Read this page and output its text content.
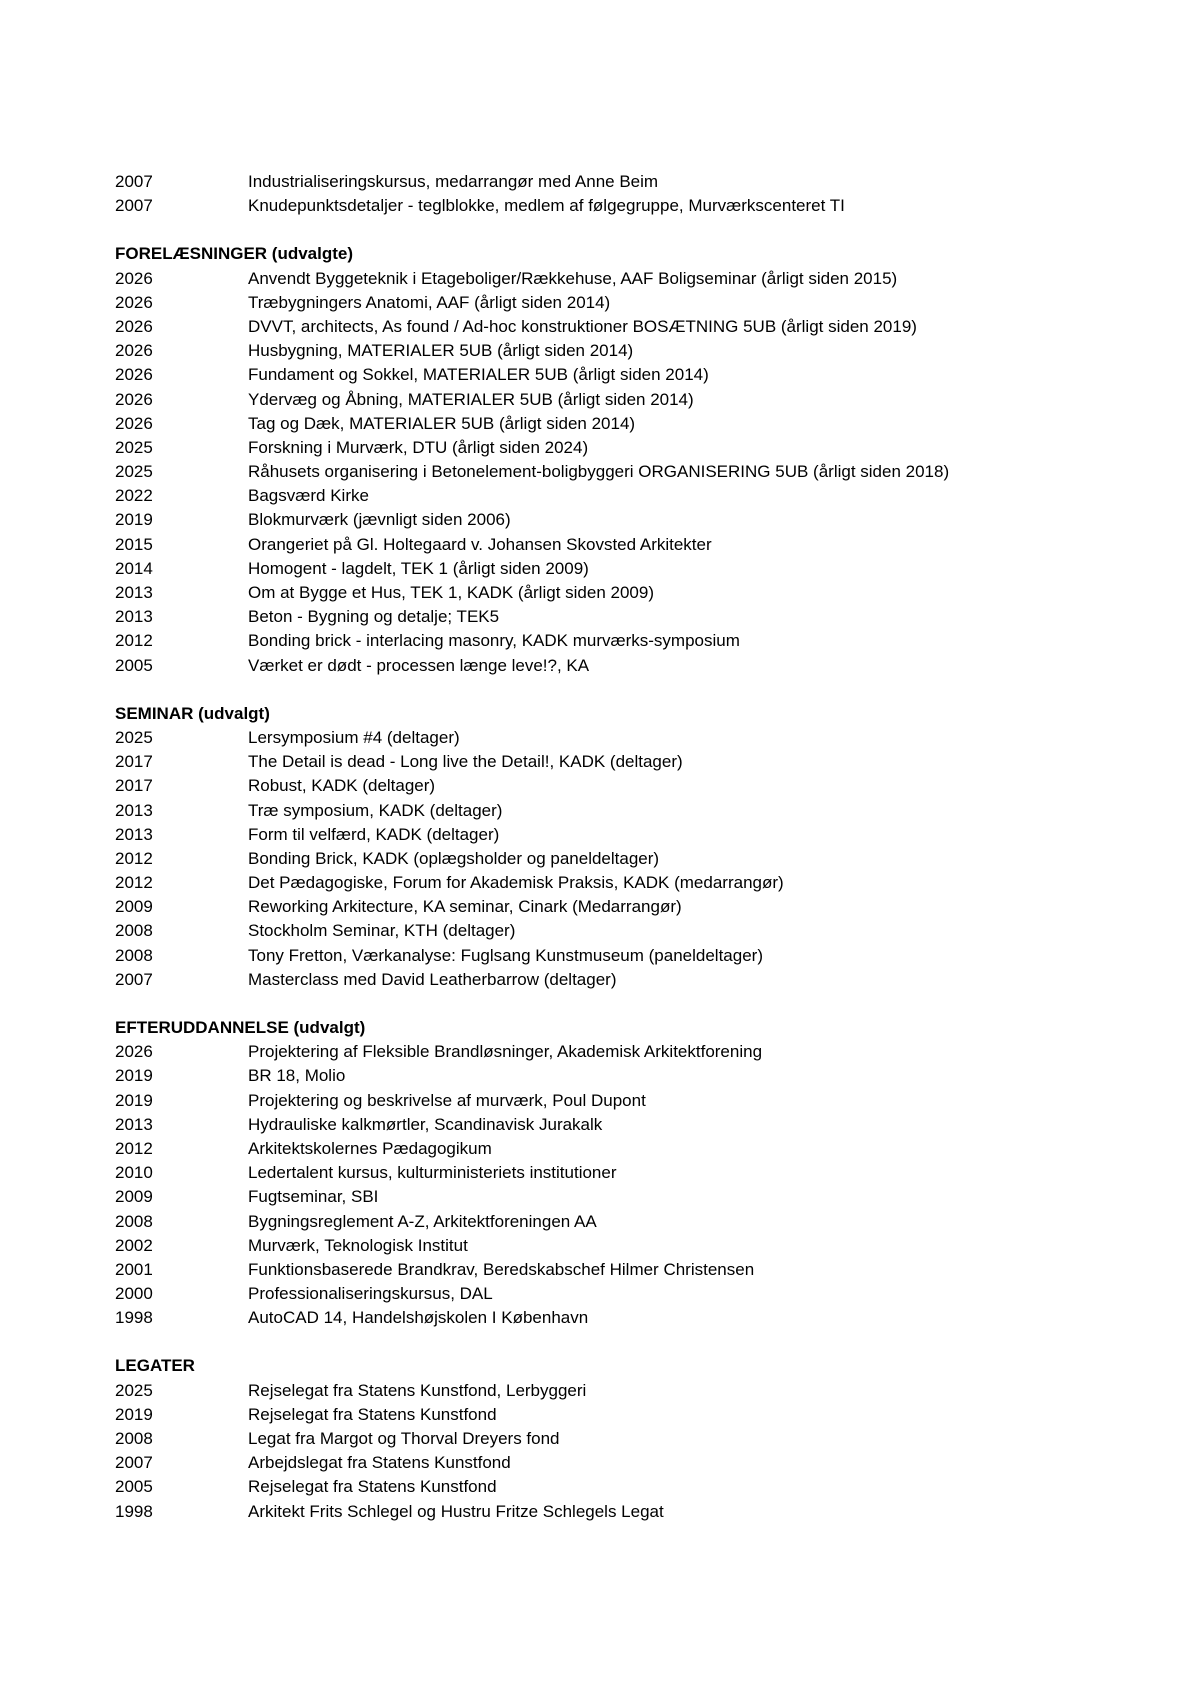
2007	Industrialiseringskursus, medarrangør med Anne Beim
2007	Knudepunktsdetaljer - teglblokke, medlem af følgegruppe, Murværkscenteret TI
FORELÆSNINGER (udvalgte)
2026	Anvendt Byggeteknik i Etageboliger/Rækkehuse, AAF Boligseminar (årligt siden 2015)
2026	Træbygningers Anatomi, AAF (årligt siden 2014)
2026	DVVT, architects, As found / Ad-hoc konstruktioner BOSÆTNING 5UB (årligt siden 2019)
2026	Husbygning, MATERIALER 5UB (årligt siden 2014)
2026	Fundament og Sokkel, MATERIALER 5UB (årligt siden 2014)
2026	Ydervæg og Åbning, MATERIALER 5UB (årligt siden 2014)
2026	Tag og Dæk, MATERIALER 5UB (årligt siden 2014)
2025	Forskning i Murværk, DTU (årligt siden 2024)
2025	Råhusets organisering i Betonelement-boligbyggeri ORGANISERING 5UB (årligt siden 2018)
2022	Bagsværd Kirke
2019	Blokmurværk (jævnligt siden 2006)
2015	Orangeriet på Gl. Holtegaard v. Johansen Skovsted Arkitekter
2014	Homogent - lagdelt, TEK 1 (årligt siden 2009)
2013	Om at Bygge et Hus, TEK 1, KADK (årligt siden 2009)
2013	Beton - Bygning og detalje; TEK5
2012	Bonding brick - interlacing masonry, KADK murværks-symposium
2005	Værket er dødt - processen længe leve!?, KA
SEMINAR (udvalgt)
2025	Lersymposium #4 (deltager)
2017	The Detail is dead - Long live the Detail!, KADK (deltager)
2017	Robust, KADK (deltager)
2013	Træ symposium, KADK (deltager)
2013	Form til velfærd, KADK (deltager)
2012	Bonding Brick, KADK (oplægsholder og paneldeltager)
2012	Det Pædagogiske, Forum for Akademisk Praksis, KADK (medarrangør)
2009	Reworking Arkitecture, KA seminar, Cinark (Medarrangør)
2008	Stockholm Seminar, KTH (deltager)
2008	Tony Fretton, Værkanalyse: Fuglsang Kunstmuseum (paneldeltager)
2007	Masterclass med David Leatherbarrow (deltager)
EFTERUDDANNELSE (udvalgt)
2026	Projektering af Fleksible Brandløsninger, Akademisk Arkitektforening
2019	BR 18, Molio
2019	Projektering og beskrivelse af murværk, Poul Dupont
2013	Hydrauliske kalkmørtler, Scandinavisk Jurakalk
2012	Arkitektskolernes Pædagogikum
2010	Ledertalent kursus, kulturministeriets institutioner
2009	Fugtseminar, SBI
2008	Bygningsreglement A-Z, Arkitektforeningen AA
2002	Murværk, Teknologisk Institut
2001	Funktionsbaserede Brandkrav, Beredskabschef Hilmer Christensen
2000	Professionaliseringskursus, DAL
1998	AutoCAD 14, Handelshøjskolen I København
LEGATER
2025	Rejselegat fra Statens Kunstfond, Lerbyggeri
2019	Rejselegat fra Statens Kunstfond
2008	Legat fra Margot og Thorval Dreyers fond
2007	Arbejdslegat fra Statens Kunstfond
2005	Rejselegat fra Statens Kunstfond
1998	Arkitekt Frits Schlegel og Hustru Fritze Schlegels Legat
